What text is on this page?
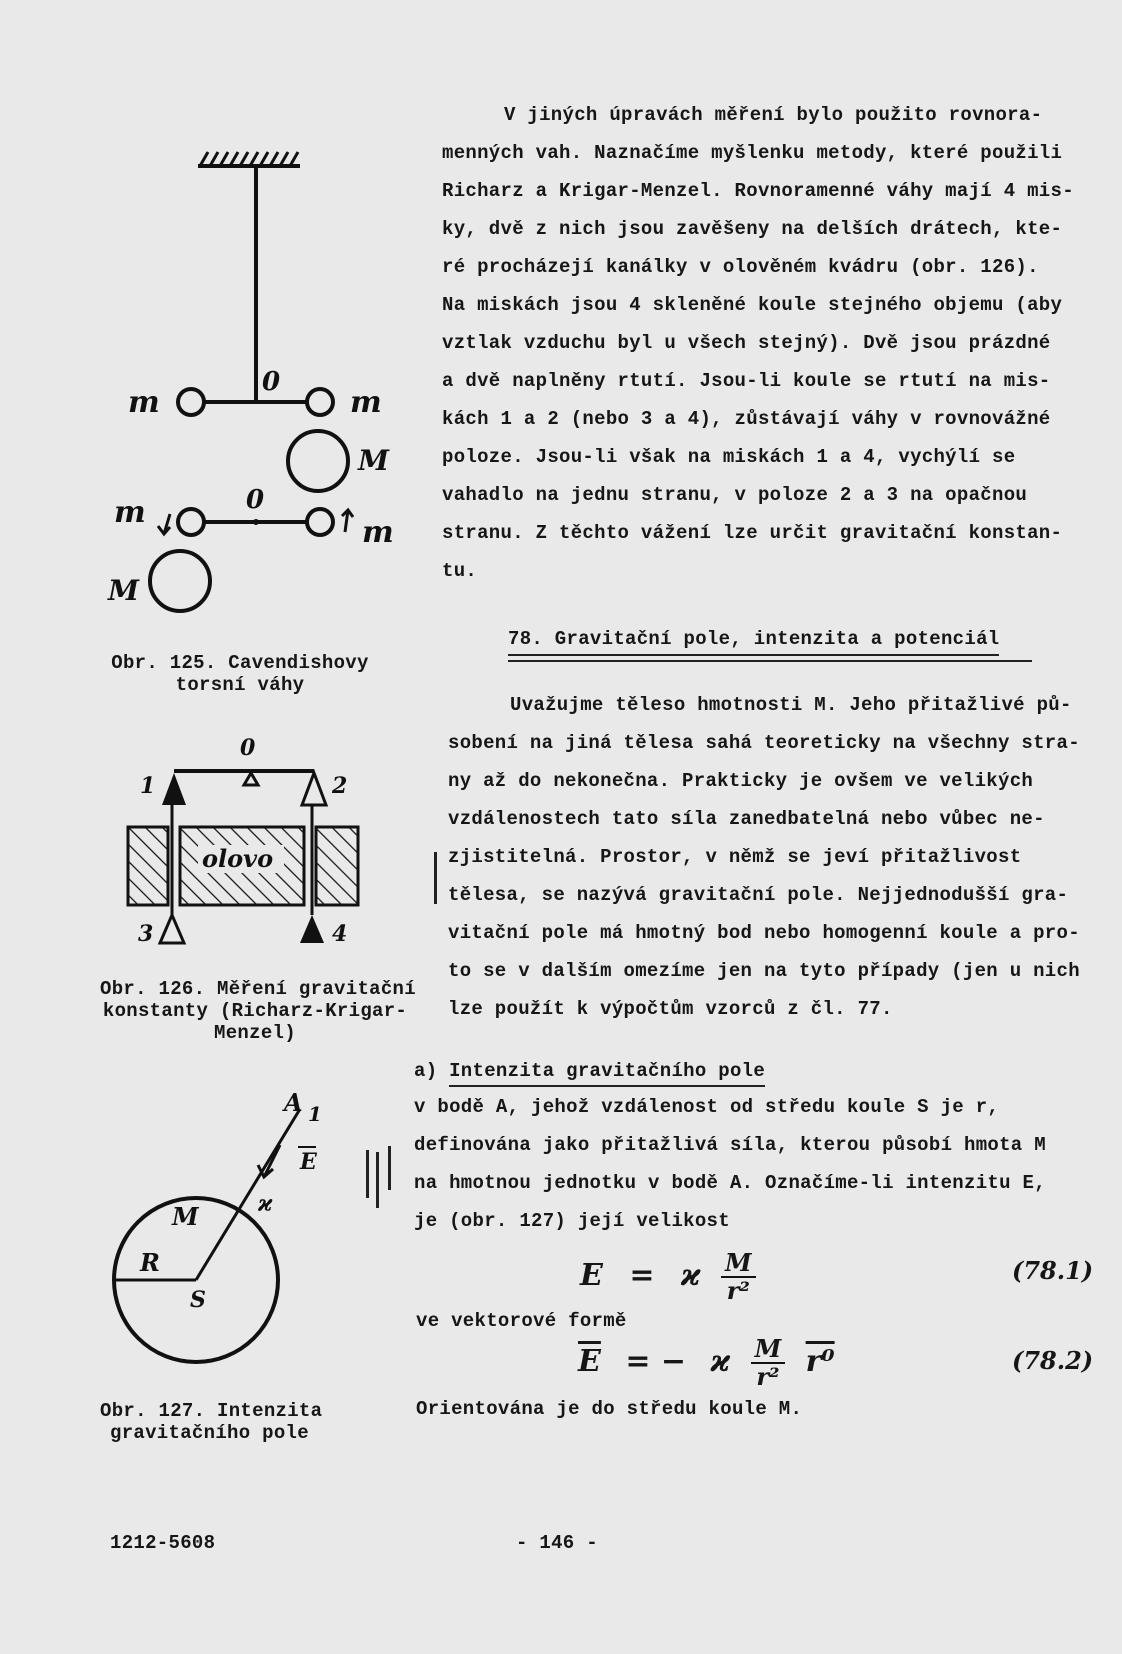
0
m	m
M
0
m
m
M
Obr. 125. Cavendishovy
torsní váhy
0
1	2
olovo
3	4
Obr. 126. Měření gravitační
konstanty (Richarz-Krigar-
Menzel)
A 1
E
ϰ
M
R
S
Obr. 127. Intenzita
gravitačního pole
V jiných úpravách měření bylo použito rovnora-
menných vah. Naznačíme myšlenku metody, které použili
Richarz a Krigar-Menzel. Rovnoramenné váhy mají 4 mis-
ky, dvě z nich jsou zavěšeny na delších drátech, kte-
ré procházejí kanálky v olověném kvádru (obr. 126).
Na miskách jsou 4 skleněné koule stejného objemu (aby
vztlak vzduchu byl u všech stejný). Dvě jsou prázdné
a dvě naplněny rtutí. Jsou-li koule se rtutí na mis-
kách 1 a 2 (nebo 3 a 4), zůstávají váhy v rovnovážné
poloze. Jsou-li však na miskách 1 a 4, vychýlí se
vahadlo na jednu stranu, v poloze 2 a 3 na opačnou
stranu. Z těchto vážení lze určit gravitační konstan-
tu.
78. Gravitační pole, intenzita a potenciál
Uvažujme těleso hmotnosti M. Jeho přitažlivé pů-
sobení na jiná tělesa sahá teoreticky na všechny stra-
ny až do nekonečna. Prakticky je ovšem ve velikých
vzdálenostech tato síla zanedbatelná nebo vůbec ne-
zjistitelná. Prostor, v němž se jeví přitažlivost
tělesa, se nazývá gravitační pole. Nejjednodušší gra-
vitační pole má hmotný bod nebo homogenní koule a pro-
to se v dalším omezíme jen na tyto případy (jen u nich
lze použít k výpočtům vzorců z čl. 77.
a) Intenzita gravitačního pole
v bodě A, jehož vzdálenost od středu koule S je r,
definována jako přitažlivá síla, kterou působí hmota M
na hmotnou jednotku v bodě A. Označíme-li intenzitu E,
je (obr. 127) její velikost
E = ϰ $\frac{M}{\text{r²}}$	(78.1)
ve vektorové formě
$\overline{E}$ = − ϰ $\frac{M}{\text{r²}} r^0$	(78.2)
Orientována je do středu koule M.
1212-5608	- 146 -
